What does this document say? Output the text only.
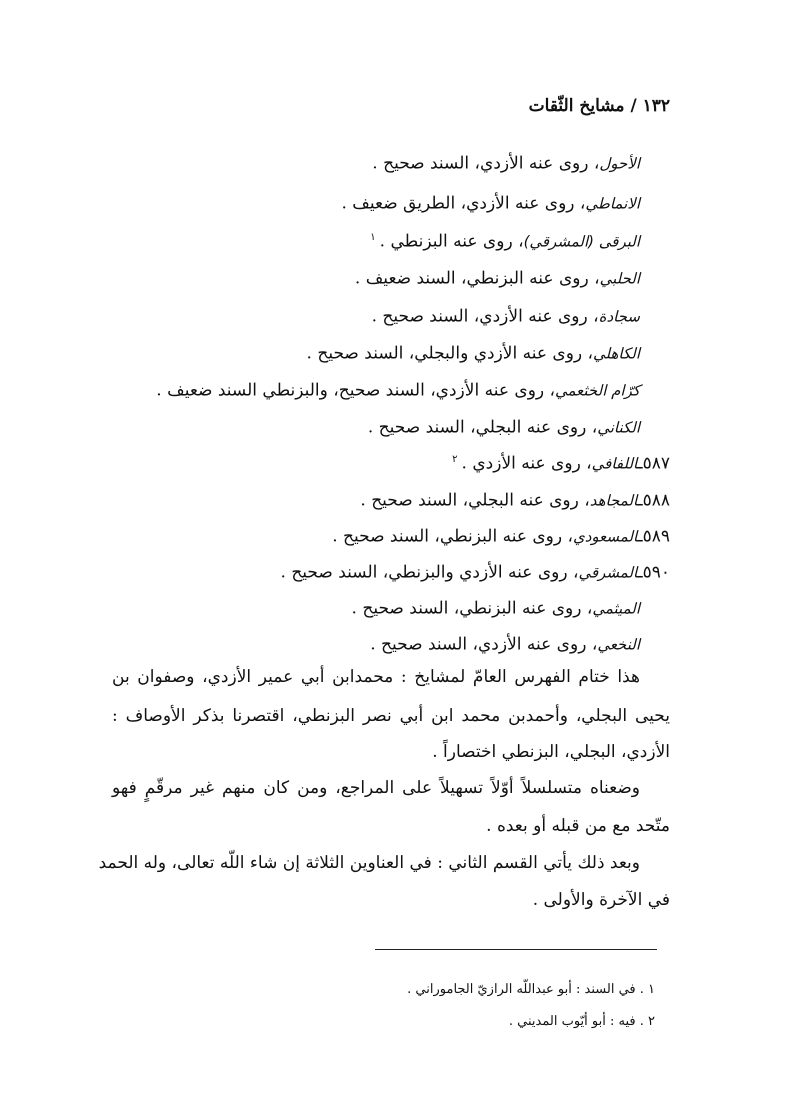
١٣٢ / مشايخ الثّقات
الأحول، روى عنه الأزدي، السند صحيح .
الانماطي، روى عنه الأزدي، الطريق ضعيف .
البرقى (المشرقي)، روى عنه البزنطي .$^١$
الحلبي، روى عنه البزنطي، السند ضعيف .
سجادة، روى عنه الأزدي، السند صحيح .
الكاهلي، روى عنه الأزدي والبجلي، السند صحيح .
كرّام الخثعمي، روى عنه الأزدي، السند صحيح، والبزنطي السند ضعيف .
الكناني، روى عنه البجلي، السند صحيح .
٥٨٧ـاللفافي، روى عنه الأزدي .$^٢$
٥٨٨ـالمجاهد، روى عنه البجلي، السند صحيح .
٥٨٩ـالمسعودي، روى عنه البزنطي، السند صحيح .
٥٩٠ـالمشرقي، روى عنه الأزدي والبزنطي، السند صحيح .
الميثمي، روى عنه البزنطي، السند صحيح .
النخعي، روى عنه الأزدي، السند صحيح .
هذا ختام الفهرس العامّ لمشايخ : محمدابن أبي عمير الأزدي، وصفوان بن
يحيى البجلي، وأحمدبن محمد ابن أبي نصر البزنطي، اقتصرنا بذكر الأوصاف :
الأزدي، البجلي، البزنطي اختصاراً .
وضعناه متسلسلاً أوّلاً تسهيلاً على المراجع، ومن كان منهم غير مرقّمٍ فهو
متّحد مع من قبله أو بعده .
وبعد ذلك يأتي القسم الثاني : في العناوين الثلاثة إن شاء اللّه تعالى، وله الحمد
في الآخرة والأولى .
١ . في السند : أبو عبداللّه الرازيّ الجاموراني .
٢ . فيه : أبو أيّوب المديني .
